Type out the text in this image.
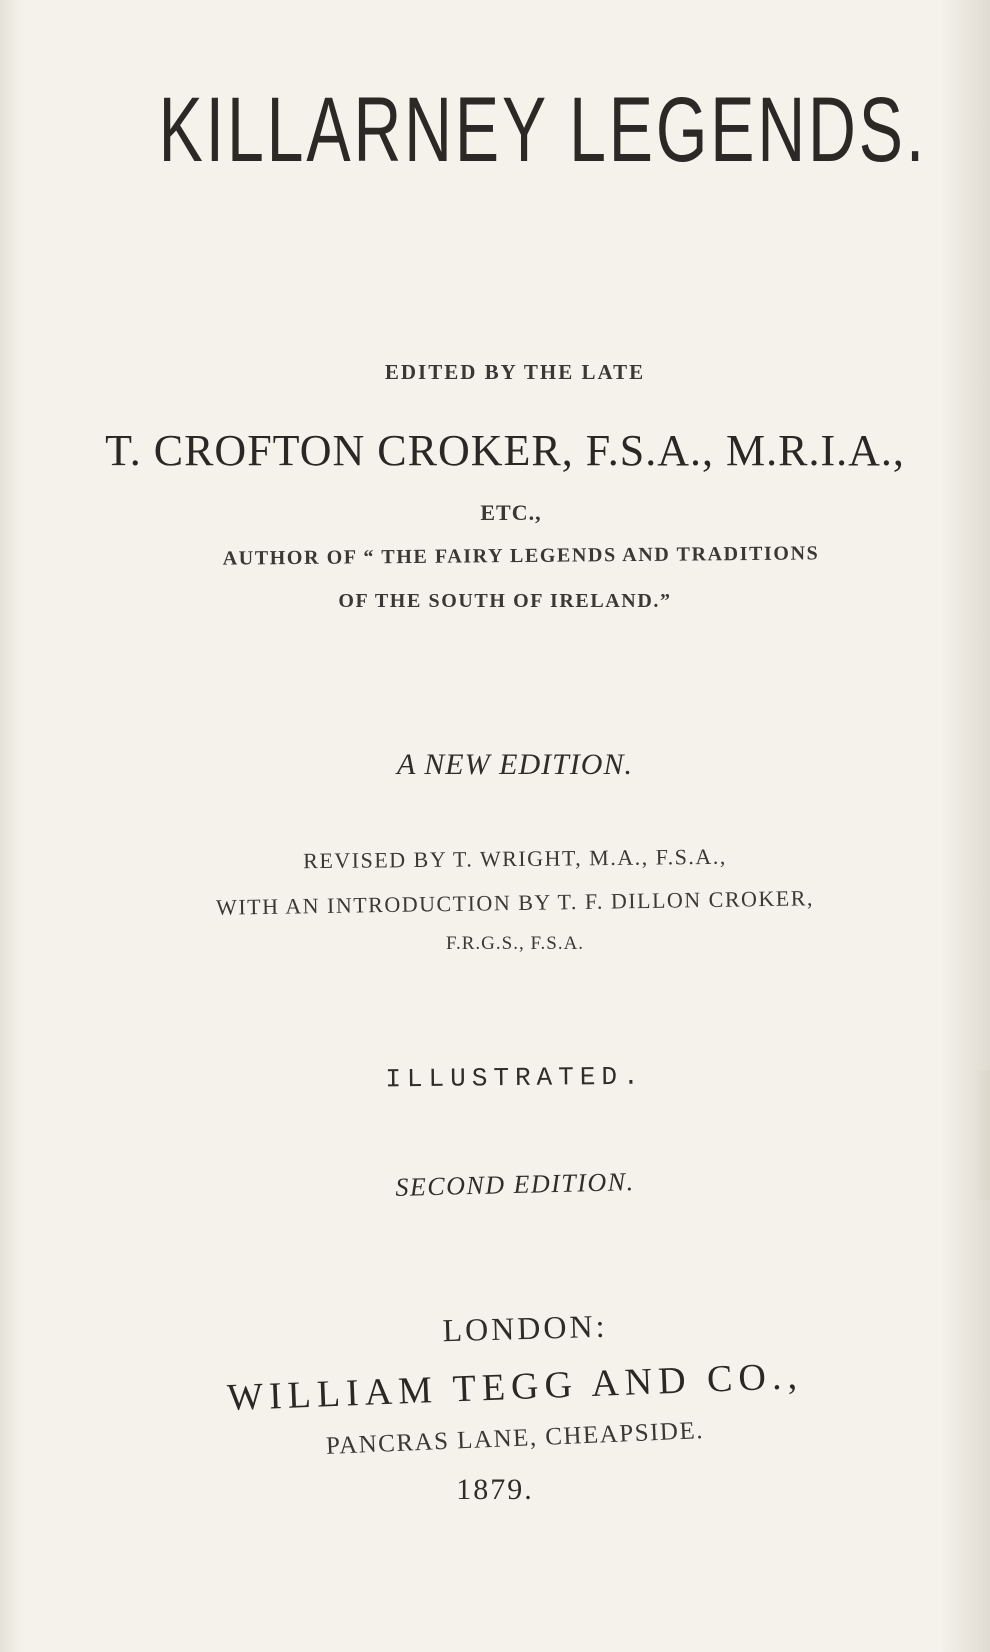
KILLARNEY LEGENDS.
EDITED BY THE LATE
T. CROFTON CROKER, F.S.A., M.R.I.A.,
ETC.,
AUTHOR OF “ THE FAIRY LEGENDS AND TRADITIONS
OF THE SOUTH OF IRELAND.”
A NEW EDITION.
REVISED BY T. WRIGHT, M.A., F.S.A.,
WITH AN INTRODUCTION BY T. F. DILLON CROKER,
F.R.G.S., F.S.A.
ILLUSTRATED.
SECOND EDITION.
LONDON:
WILLIAM TEGG AND CO.,
PANCRAS LANE, CHEAPSIDE.
1879.
